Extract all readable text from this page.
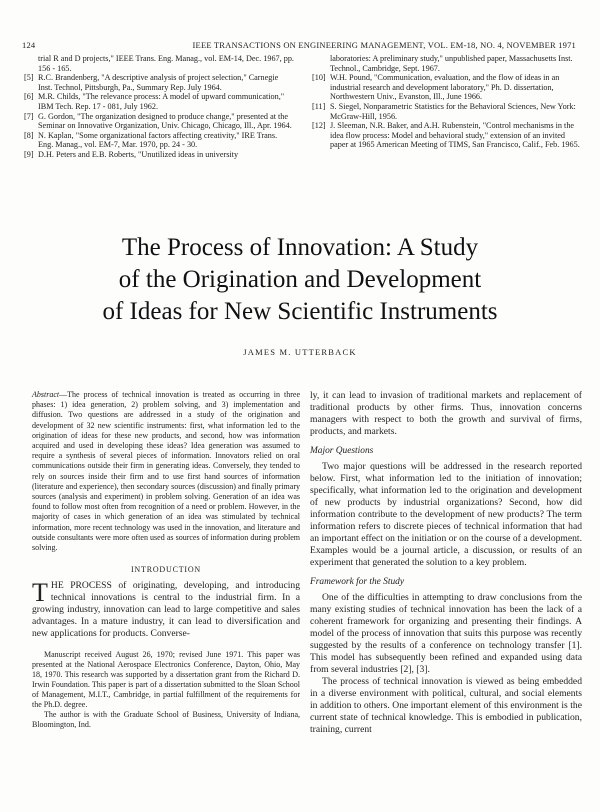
124	IEEE TRANSACTIONS ON ENGINEERING MANAGEMENT, VOL. EM-18, NO. 4, NOVEMBER 1971

trial R and D projects," IEEE Trans. Eng. Manag., vol. EM-14, Dec. 1967, pp. 156 - 165.

[5] R.C. Brandenberg, "A descriptive analysis of project selection," Carnegie Inst. Technol, Pittsburgh, Pa., Summary Rep. July 1964.

[6] M.R. Childs, "The relevance process: A model of upward communication," IBM Tech. Rep. 17 - 081, July 1962.

[7] G. Gordon, "The organization designed to produce change," presented at the Seminar on Innovative Organization, Univ. Chicago, Chicago, Ill., Apr. 1964.

[8] N. Kaplan, "Some organizational factors affecting creativity," IRE Trans. Eng. Manag., vol. EM-7, Mar. 1970, pp. 24 - 30.

[9] D.H. Peters and E.B. Roberts, "Unutilized ideas in university

laboratories: A preliminary study," unpublished paper, Massachusetts Inst. Technol., Cambridge, Sept. 1967.

[10] W.H. Pound, "Communication, evaluation, and the flow of ideas in an industrial research and development laboratory," Ph. D. dissertation, Northwestern Univ., Evanston, Ill., June 1966.

[11] S. Siegel, Nonparametric Statistics for the Behavioral Sciences, New York: McGraw-Hill, 1956.

[12] J. Sleeman, N.R. Baker, and A.H. Rubenstein, "Control mechanisms in the idea flow process: Model and behavioral study," extension of an invited paper at 1965 American Meeting of TIMS, San Francisco, Calif., Feb. 1965.

The Process of Innovation: A Study
of the Origination and Development
of Ideas for New Scientific Instruments
JAMES M. UTTERBACK

Abstract—The process of technical innovation is treated as occurring in three phases: 1) idea generation, 2) problem solving, and 3) implementation and diffusion. Two questions are addressed in a study of the origination and development of 32 new scientific instruments: first, what information led to the origination of ideas for these new products, and second, how was information acquired and used in developing these ideas? Idea generation was assumed to require a synthesis of several pieces of information. Innovators relied on oral communications outside their firm in generating ideas. Conversely, they tended to rely on sources inside their firm and to use first hand sources of information (literature and experience), then secondary sources (discussion) and finally primary sources (analysis and experiment) in problem solving. Generation of an idea was found to follow most often from recognition of a need or problem. However, in the majority of cases in which generation of an idea was stimulated by technical information, more recent technology was used in the innovation, and literature and outside consultants were more often used as sources of information during problem solving.

INTRODUCTION

THE PROCESS of originating, developing, and introducing technical innovations is central to the industrial firm. In a growing industry, innovation can lead to large competitive and sales advantages. In a mature industry, it can lead to diversification and new applications for products. Converse-

Manuscript received August 26, 1970; revised June 1971. This paper was presented at the National Aerospace Electronics Conference, Dayton, Ohio, May 18, 1970. This research was supported by a dissertation grant from the Richard D. Irwin Foundation. This paper is part of a dissertation submitted to the Sloan School of Management, M.I.T., Cambridge, in partial fulfillment of the requirements for the Ph.D. degree.

The author is with the Graduate School of Business, University of Indiana, Bloomington, Ind.

ly, it can lead to invasion of traditional markets and replacement of traditional products by other firms. Thus, innovation concerns managers with respect to both the growth and survival of firms, products, and markets.

Major Questions

Two major questions will be addressed in the research reported below. First, what information led to the initiation of innovation; specifically, what information led to the origination and development of new products by industrial organizations? Second, how did information contribute to the development of new products? The term information refers to discrete pieces of technical information that had an important effect on the initiation or on the course of a development. Examples would be a journal article, a discussion, or results of an experiment that generated the solution to a key problem.

Framework for the Study

One of the difficulties in attempting to draw conclusions from the many existing studies of technical innovation has been the lack of a coherent framework for organizing and presenting their findings. A model of the process of innovation that suits this purpose was recently suggested by the results of a conference on technology transfer [1]. This model has subsequently been refined and expanded using data from several industries [2], [3].

The process of technical innovation is viewed as being embedded in a diverse environment with political, cultural, and social elements in addition to others. One important element of this environment is the current state of technical knowledge. This is embodied in publication, training, current
